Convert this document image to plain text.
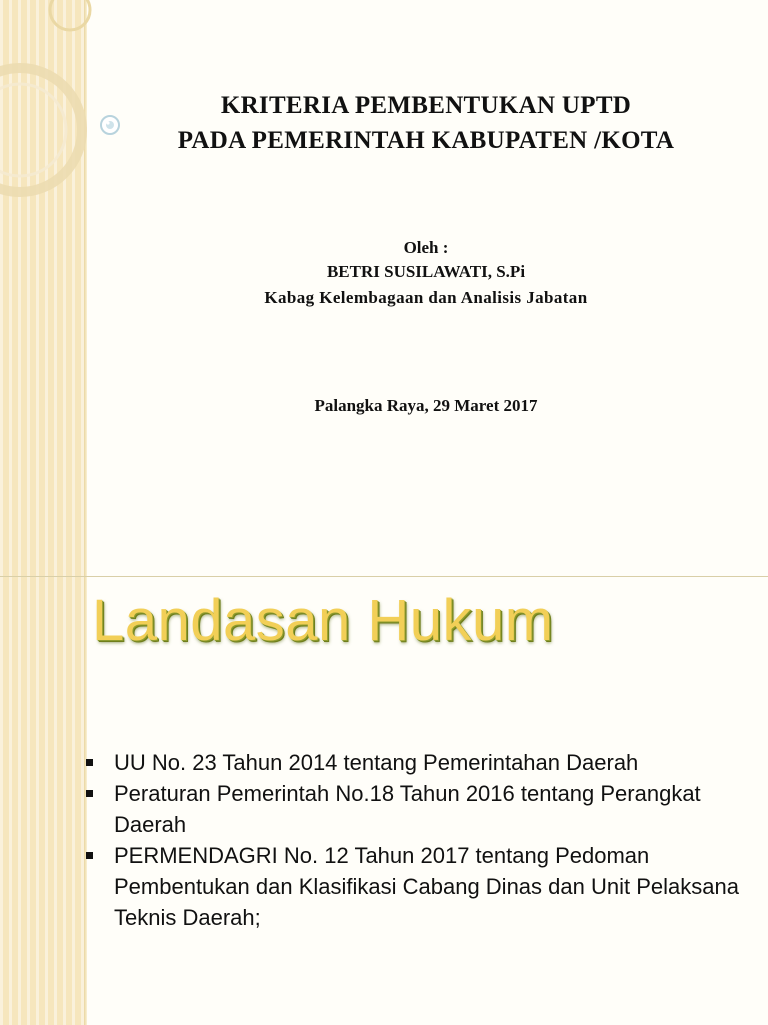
KRITERIA PEMBENTUKAN UPTD
PADA PEMERINTAH KABUPATEN /KOTA
Oleh :
BETRI SUSILAWATI, S.Pi
Kabag Kelembagaan dan Analisis Jabatan
Palangka Raya, 29 Maret 2017
Landasan Hukum
UU No. 23 Tahun 2014 tentang Pemerintahan Daerah
Peraturan Pemerintah No.18 Tahun 2016 tentang Perangkat Daerah
PERMENDAGRI No. 12 Tahun 2017 tentang Pedoman Pembentukan dan Klasifikasi Cabang Dinas dan Unit Pelaksana Teknis Daerah;
